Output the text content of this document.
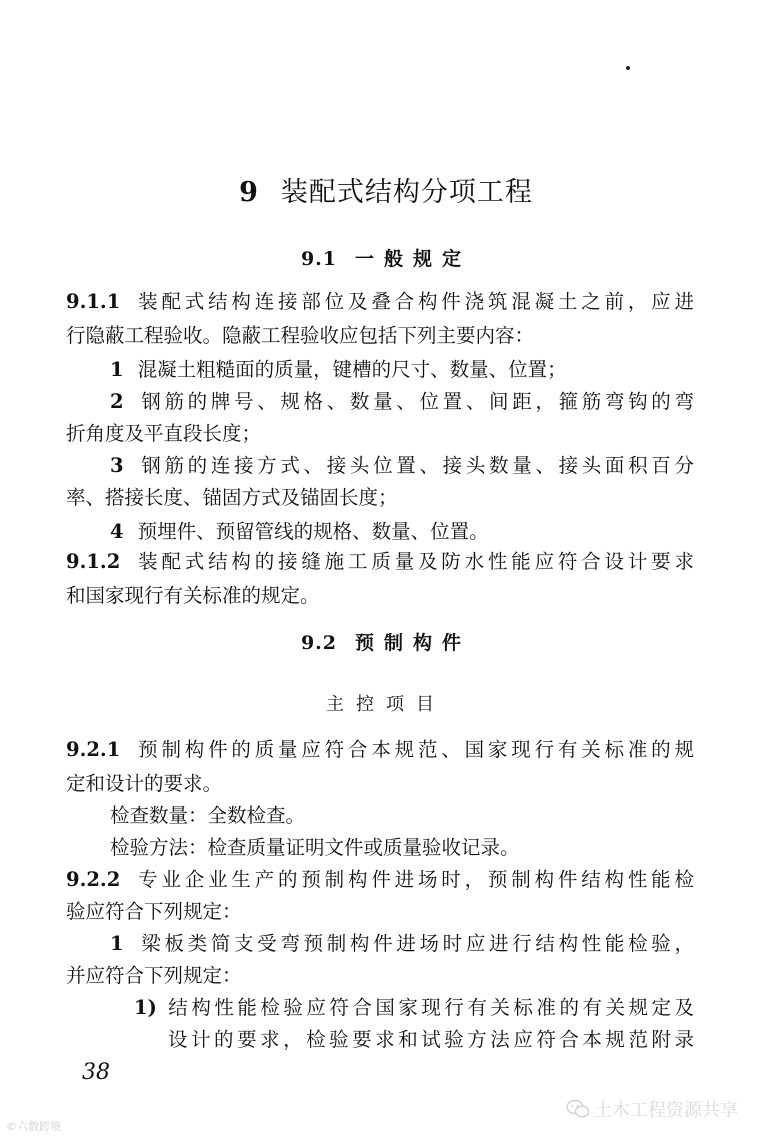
9 装配式结构分项工程
9.1 一般规定
9.1.1 装配式结构连接部位及叠合构件浇筑混凝土之前，应进
行隐蔽工程验收。隐蔽工程验收应包括下列主要内容：
1 混凝土粗糙面的质量，键槽的尺寸、数量、位置；
2 钢筋的牌号、规格、数量、位置、间距，箍筋弯钩的弯
折角度及平直段长度；
3 钢筋的连接方式、接头位置、接头数量、接头面积百分
率、搭接长度、锚固方式及锚固长度；
4 预埋件、预留管线的规格、数量、位置。
9.1.2 装配式结构的接缝施工质量及防水性能应符合设计要求
和国家现行有关标准的规定。
9.2 预制构件
主控项目
9.2.1 预制构件的质量应符合本规范、国家现行有关标准的规
定和设计的要求。
检查数量：全数检查。
检验方法：检查质量证明文件或质量验收记录。
9.2.2 专业企业生产的预制构件进场时，预制构件结构性能检
验应符合下列规定：
1 梁板类简支受弯预制构件进场时应进行结构性能检验，
并应符合下列规定：
1) 结构性能检验应符合国家现行有关标准的有关规定及
设计的要求，检验要求和试验方法应符合本规范附录
38
©六数跨境
土木工程资源共享
